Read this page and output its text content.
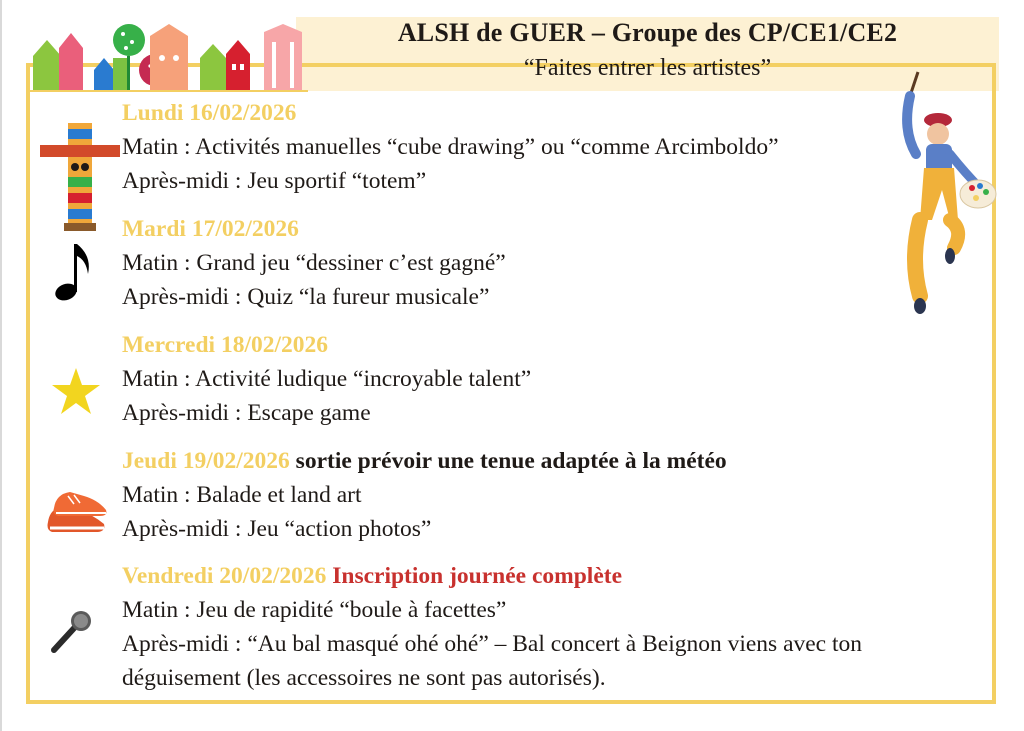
ALSH de GUER – Groupe des CP/CE1/CE2
“Faites entrer les artistes”
Lundi 16/02/2026
Matin : Activités manuelles “cube drawing” ou “comme Arcimboldo”
Après-midi : Jeu sportif “totem”
Mardi 17/02/2026
Matin : Grand jeu “dessiner c’est gagné”
Après-midi : Quiz “la fureur musicale”
Mercredi 18/02/2026
Matin : Activité ludique “incroyable talent”
Après-midi : Escape game
Jeudi 19/02/2026 sortie prévoir une tenue adaptée à la météo
Matin : Balade et land art
Après-midi : Jeu “action photos”
Vendredi 20/02/2026 Inscription journée complète
Matin : Jeu de rapidité “boule à facettes”
Après-midi : “Au bal masqué ohé ohé” – Bal concert à Beignon viens avec ton
déguisement (les accessoires ne sont pas autorisés).
